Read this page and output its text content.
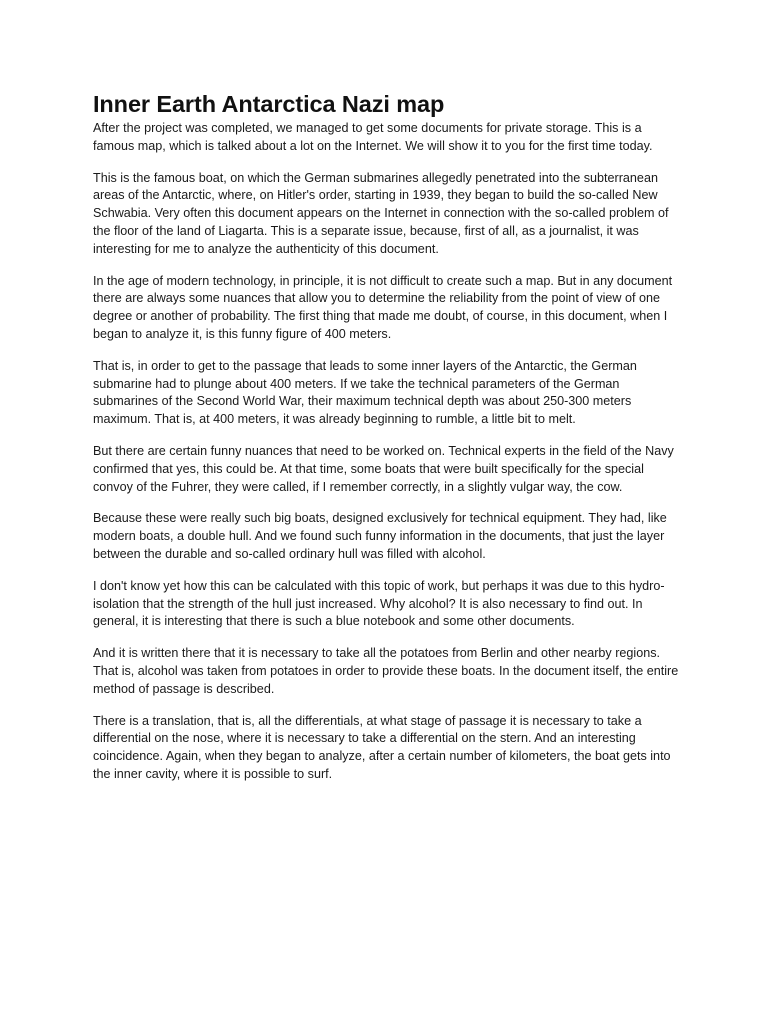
Inner Earth Antarctica Nazi map

After the project was completed, we managed to get some documents for private storage. This is a famous map, which is talked about a lot on the Internet. We will show it to you for the first time today.

This is the famous boat, on which the German submarines allegedly penetrated into the subterranean areas of the Antarctic, where, on Hitler's order, starting in 1939, they began to build the so-called New Schwabia. Very often this document appears on the Internet in connection with the so-called problem of the floor of the land of Liagarta. This is a separate issue, because, first of all, as a journalist, it was interesting for me to analyze the authenticity of this document.

In the age of modern technology, in principle, it is not difficult to create such a map. But in any document there are always some nuances that allow you to determine the reliability from the point of view of one degree or another of probability. The first thing that made me doubt, of course, in this document, when I began to analyze it, is this funny figure of 400 meters.

That is, in order to get to the passage that leads to some inner layers of the Antarctic, the German submarine had to plunge about 400 meters. If we take the technical parameters of the German submarines of the Second World War, their maximum technical depth was about 250-300 meters maximum. That is, at 400 meters, it was already beginning to rumble, a little bit to melt.

But there are certain funny nuances that need to be worked on. Technical experts in the field of the Navy confirmed that yes, this could be. At that time, some boats that were built specifically for the special convoy of the Fuhrer, they were called, if I remember correctly, in a slightly vulgar way, the cow.

Because these were really such big boats, designed exclusively for technical equipment. They had, like modern boats, a double hull. And we found such funny information in the documents, that just the layer between the durable and so-called ordinary hull was filled with alcohol.

I don't know yet how this can be calculated with this topic of work, but perhaps it was due to this hydro-isolation that the strength of the hull just increased. Why alcohol? It is also necessary to find out. In general, it is interesting that there is such a blue notebook and some other documents.

And it is written there that it is necessary to take all the potatoes from Berlin and other nearby regions. That is, alcohol was taken from potatoes in order to provide these boats. In the document itself, the entire method of passage is described.

There is a translation, that is, all the differentials, at what stage of passage it is necessary to take a differential on the nose, where it is necessary to take a differential on the stern. And an interesting coincidence. Again, when they began to analyze, after a certain number of kilometers, the boat gets into the inner cavity, where it is possible to surf.
